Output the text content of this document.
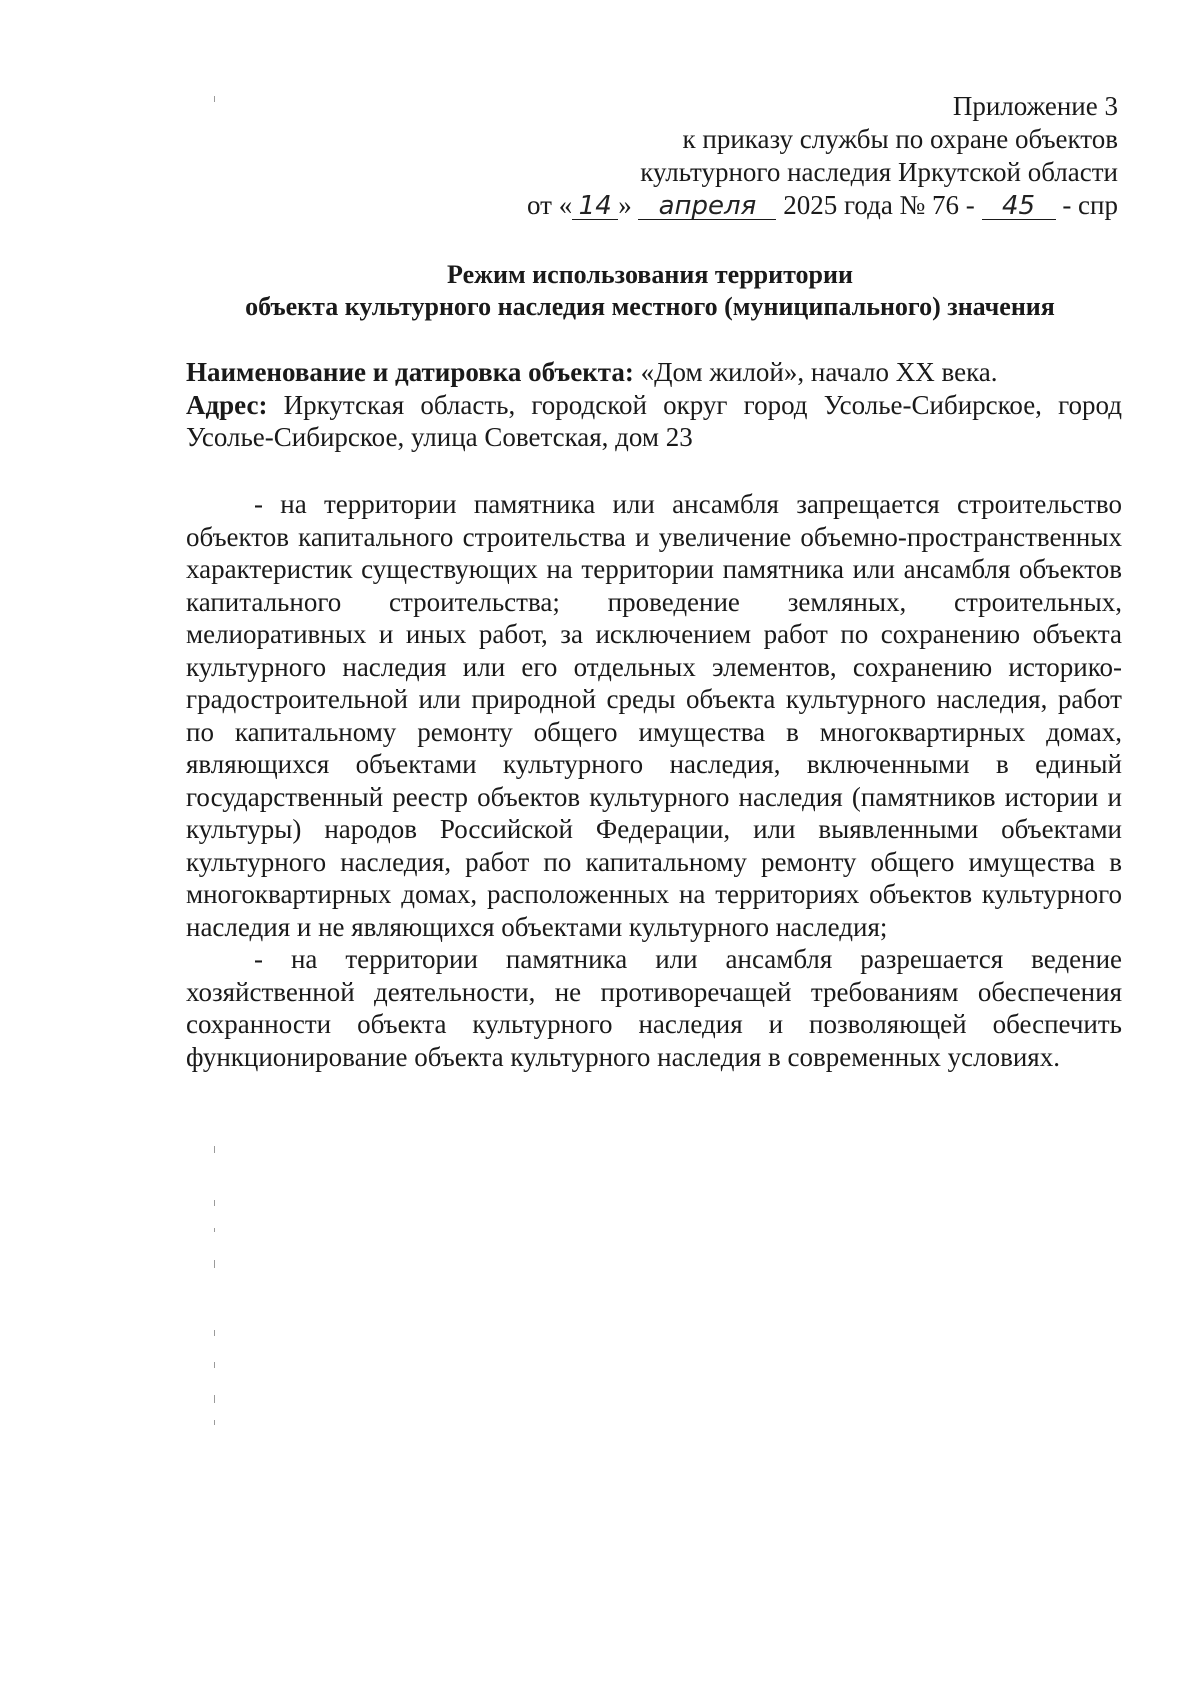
Приложение 3
к приказу службы по охране объектов
культурного наследия Иркутской области
от « 14 » апреля 2025 года № 76 - 45 - спр
Режим использования территории
объекта культурного наследия местного (муниципального) значения

Наименование и датировка объекта: «Дом жилой», начало XX века.

Адрес: Иркутская область, городской округ город Усолье-Сибирское, город Усолье-Сибирское, улица Советская, дом 23

- на территории памятника или ансамбля запрещается строительство объектов капитального строительства и увеличение объемно-пространственных характеристик существующих на территории памятника или ансамбля объектов капитального строительства; проведение земляных, строительных, мелиоративных и иных работ, за исключением работ по сохранению объекта культурного наследия или его отдельных элементов, сохранению историко-градостроительной или природной среды объекта культурного наследия, работ по капитальному ремонту общего имущества в многоквартирных домах, являющихся объектами культурного наследия, включенными в единый государственный реестр объектов культурного наследия (памятников истории и культуры) народов Российской Федерации, или выявленными объектами культурного наследия, работ по капитальному ремонту общего имущества в многоквартирных домах, расположенных на территориях объектов культурного наследия и не являющихся объектами культурного наследия;

- на территории памятника или ансамбля разрешается ведение хозяйственной деятельности, не противоречащей требованиям обеспечения сохранности объекта культурного наследия и позволяющей обеспечить функционирование объекта культурного наследия в современных условиях.
